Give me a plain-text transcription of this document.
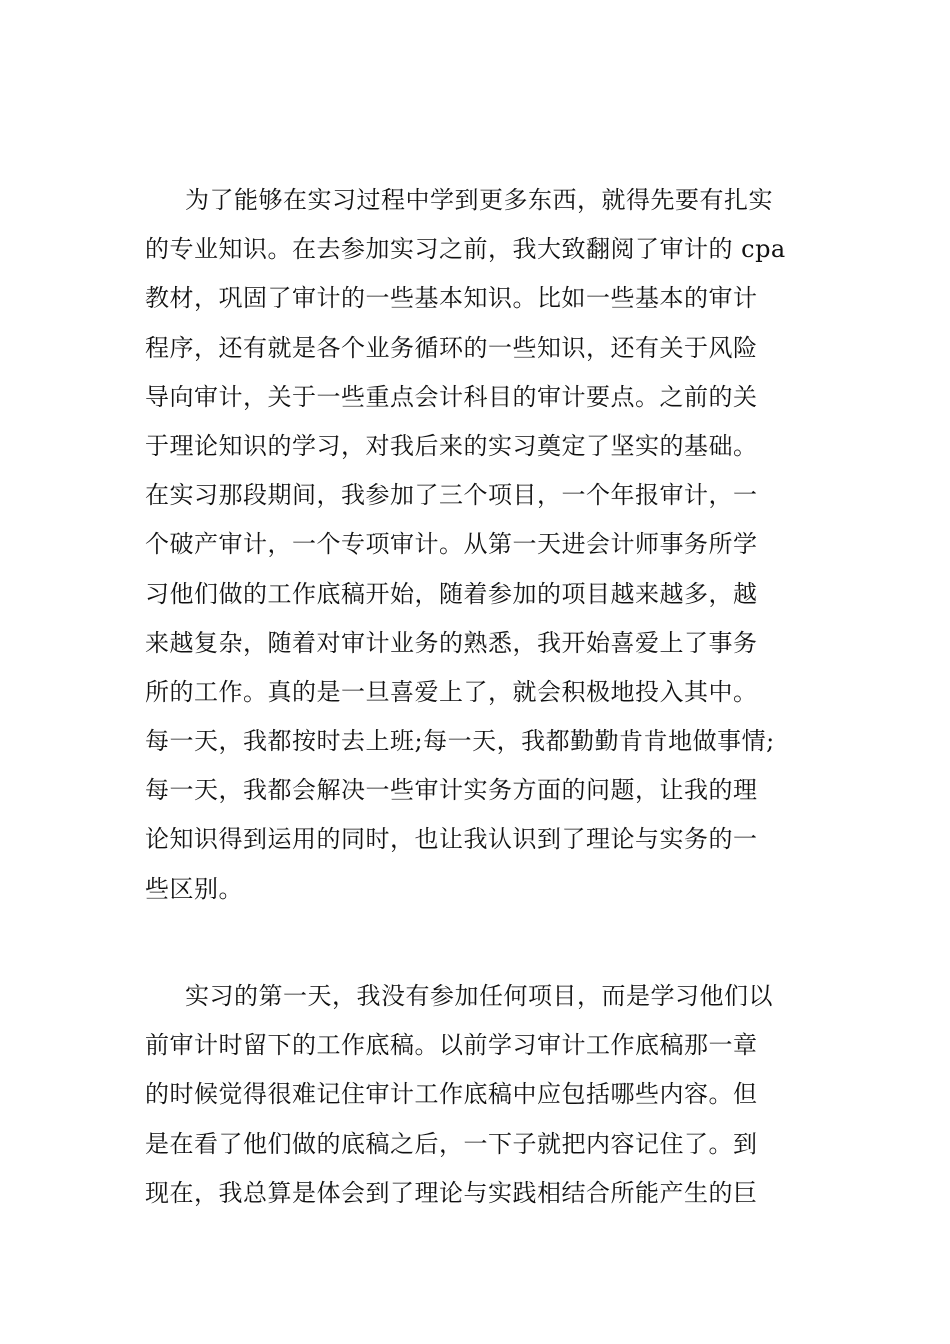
为了能够在实习过程中学到更多东西，就得先要有扎实
的专业知识。在去参加实习之前，我大致翻阅了审计的 cpa
教材，巩固了审计的一些基本知识。比如一些基本的审计
程序，还有就是各个业务循环的一些知识，还有关于风险
导向审计，关于一些重点会计科目的审计要点。之前的关
于理论知识的学习，对我后来的实习奠定了坚实的基础。
在实习那段期间，我参加了三个项目，一个年报审计，一
个破产审计，一个专项审计。从第一天进会计师事务所学
习他们做的工作底稿开始，随着参加的项目越来越多，越
来越复杂，随着对审计业务的熟悉，我开始喜爱上了事务
所的工作。真的是一旦喜爱上了，就会积极地投入其中。
每一天，我都按时去上班;每一天，我都勤勤肯肯地做事情;
每一天，我都会解决一些审计实务方面的问题，让我的理
论知识得到运用的同时，也让我认识到了理论与实务的一
些区别。
实习的第一天，我没有参加任何项目，而是学习他们以
前审计时留下的工作底稿。以前学习审计工作底稿那一章
的时候觉得很难记住审计工作底稿中应包括哪些内容。但
是在看了他们做的底稿之后，一下子就把内容记住了。到
现在，我总算是体会到了理论与实践相结合所能产生的巨
